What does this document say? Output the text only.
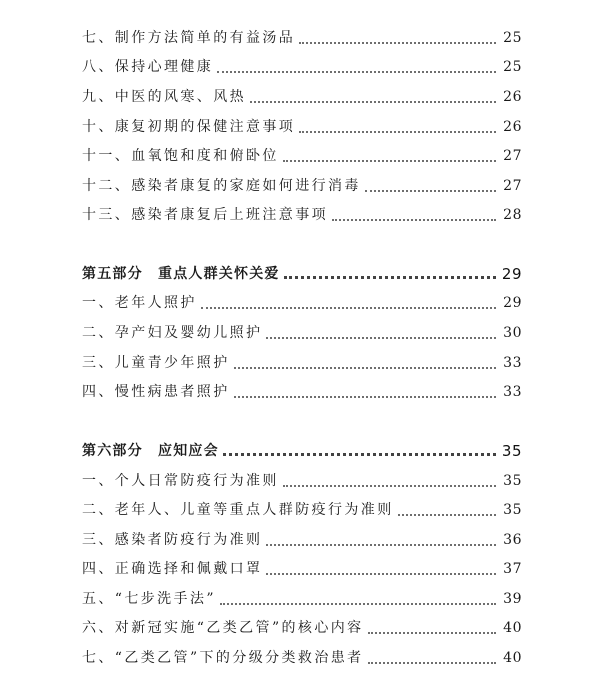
七、制作方法简单的有益汤品	25
八、保持心理健康	25
九、中医的风寒、风热	26
十、康复初期的保健注意事项	26
十一、血氧饱和度和俯卧位	27
十二、感染者康复的家庭如何进行消毒	27
十三、感染者康复后上班注意事项	28
第五部分　重点人群关怀关爱	29
一、老年人照护	29
二、孕产妇及婴幼儿照护	30
三、儿童青少年照护	33
四、慢性病患者照护	33
第六部分　应知应会	35
一、个人日常防疫行为准则	35
二、老年人、儿童等重点人群防疫行为准则	35
三、感染者防疫行为准则	36
四、正确选择和佩戴口罩	37
五、“七步洗手法”	39
六、对新冠实施“乙类乙管”的核心内容	40
七、“乙类乙管”下的分级分类救治患者	40
